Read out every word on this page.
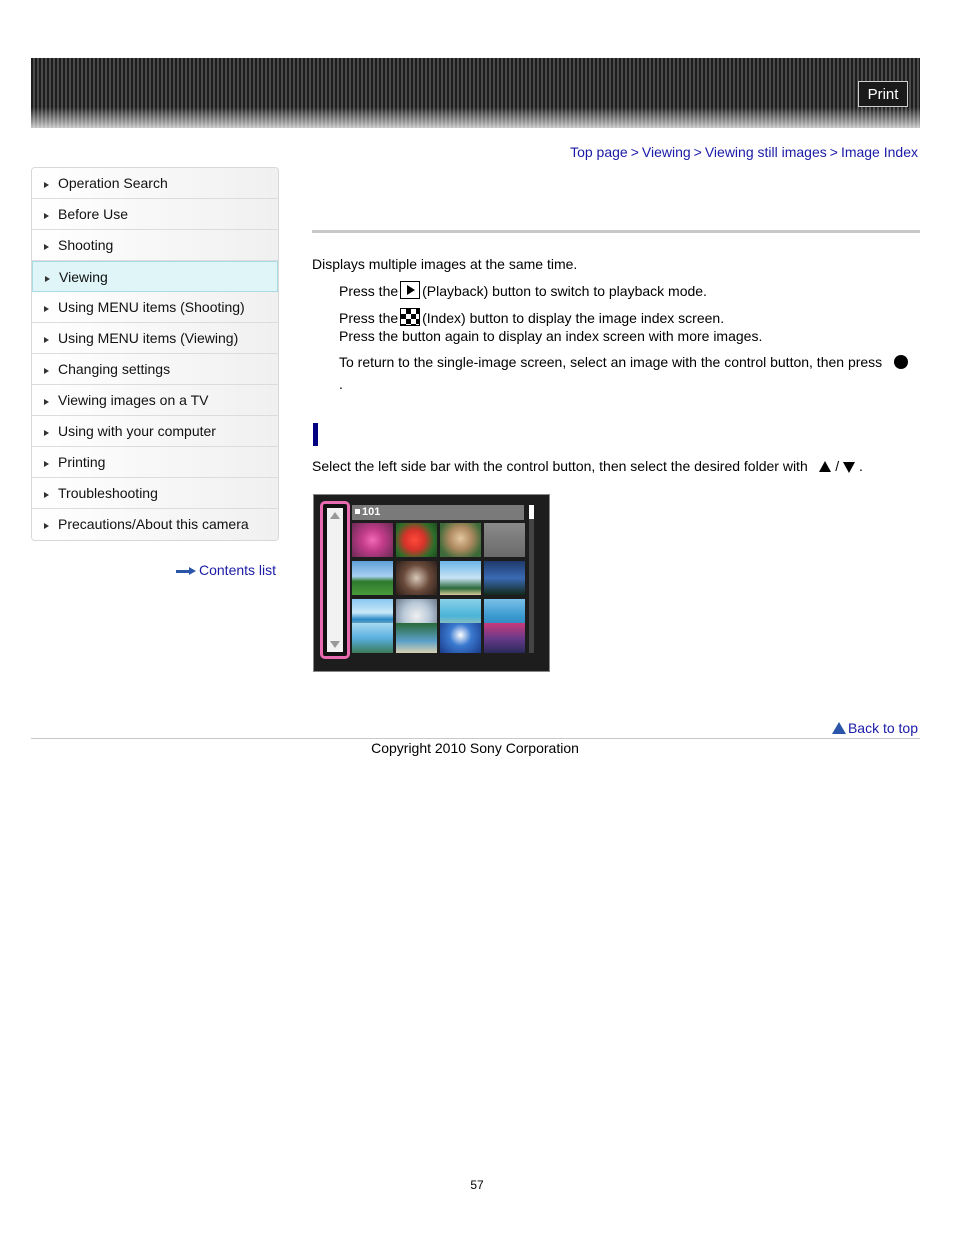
Print
Top page > Viewing > Viewing still images > Image Index
Operation Search
Before Use
Shooting
Viewing
Using MENU items (Shooting)
Using MENU items (Viewing)
Changing settings
Viewing images on a TV
Using with your computer
Printing
Troubleshooting
Precautions/About this camera
Contents list
Displays multiple images at the same time.
Press the (Playback) button to switch to playback mode.
Press the (Index) button to display the image index screen.
Press the button again to display an index screen with more images.
To return to the single-image screen, select an image with the control button, then press
.
Select the left side bar with the control button, then select the desired folder with / .
101
Back to top
Copyright 2010 Sony Corporation
57
